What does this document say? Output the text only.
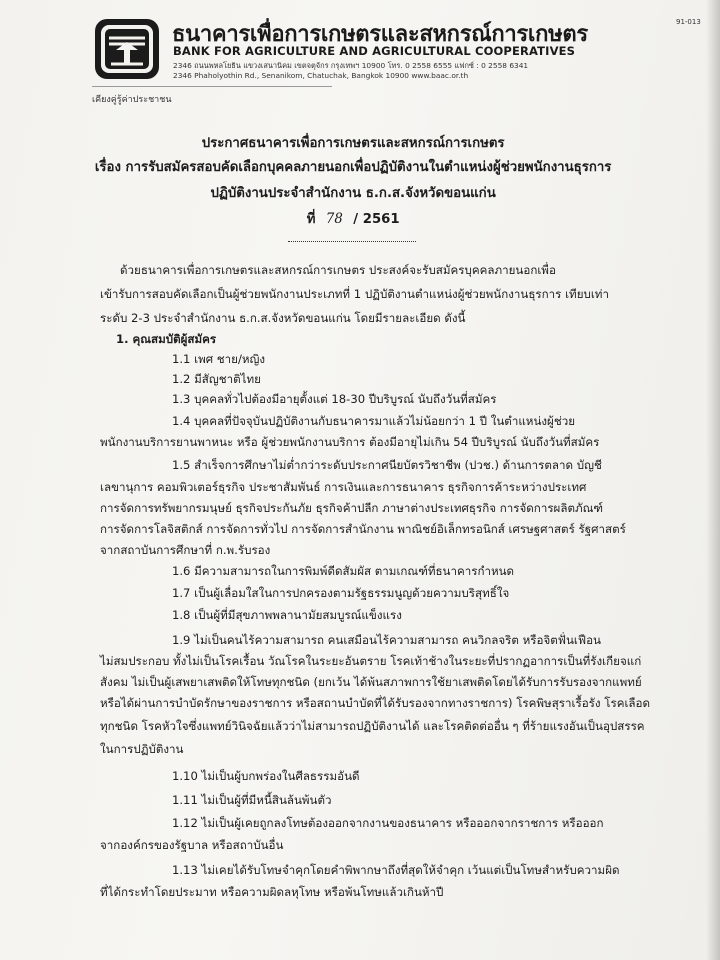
91-013
ธนาคารเพื่อการเกษตรและสหกรณ์การเกษตร
BANK FOR AGRICULTURE AND AGRICULTURAL COOPERATIVES
2346 ถนนพหลโยธิน แขวงเสนานิคม เขตจตุจักร กรุงเทพฯ 10900 โทร. 0 2558 6555 แฟกซ์ : 0 2558 6341
2346 Phaholyothin Rd., Senanikom, Chatuchak, Bangkok 10900 www.baac.or.th
เคียงคู่รู้ค่าประชาชน
ประกาศธนาคารเพื่อการเกษตรและสหกรณ์การเกษตร
เรื่อง การรับสมัครสอบคัดเลือกบุคคลภายนอกเพื่อปฏิบัติงานในตำแหน่งผู้ช่วยพนักงานธุรการ
ปฏิบัติงานประจำสำนักงาน ธ.ก.ส.จังหวัดขอนแก่น
ที่ 78 / 2561
ด้วยธนาคารเพื่อการเกษตรและสหกรณ์การเกษตร ประสงค์จะรับสมัครบุคคลภายนอกเพื่อ
เข้ารับการสอบคัดเลือกเป็นผู้ช่วยพนักงานประเภทที่ 1 ปฏิบัติงานตำแหน่งผู้ช่วยพนักงานธุรการ เทียบเท่า
ระดับ 2-3 ประจำสำนักงาน ธ.ก.ส.จังหวัดขอนแก่น โดยมีรายละเอียด ดังนี้
1. คุณสมบัติผู้สมัคร
1.1 เพศ ชาย/หญิง
1.2 มีสัญชาติไทย
1.3 บุคคลทั่วไปต้องมีอายุตั้งแต่ 18-30 ปีบริบูรณ์ นับถึงวันที่สมัคร
1.4 บุคคลที่ปัจจุบันปฏิบัติงานกับธนาคารมาแล้วไม่น้อยกว่า 1 ปี ในตำแหน่งผู้ช่วย
พนักงานบริการยานพาหนะ หรือ ผู้ช่วยพนักงานบริการ ต้องมีอายุไม่เกิน 54 ปีบริบูรณ์ นับถึงวันที่สมัคร
1.5 สำเร็จการศึกษาไม่ต่ำกว่าระดับประกาศนียบัตรวิชาชีพ (ปวช.) ด้านการตลาด บัญชี
เลขานุการ คอมพิวเตอร์ธุรกิจ ประชาสัมพันธ์ การเงินและการธนาคาร ธุรกิจการค้าระหว่างประเทศ
การจัดการทรัพยากรมนุษย์ ธุรกิจประกันภัย ธุรกิจค้าปลีก ภาษาต่างประเทศธุรกิจ การจัดการผลิตภัณฑ์
การจัดการโลจิสติกส์ การจัดการทั่วไป การจัดการสำนักงาน พาณิชย์อิเล็กทรอนิกส์ เศรษฐศาสตร์ รัฐศาสตร์
จากสถาบันการศึกษาที่ ก.พ.รับรอง
1.6 มีความสามารถในการพิมพ์ดีดสัมผัส ตามเกณฑ์ที่ธนาคารกำหนด
1.7 เป็นผู้เลื่อมใสในการปกครองตามรัฐธรรมนูญด้วยความบริสุทธิ์ใจ
1.8 เป็นผู้ที่มีสุขภาพพลานามัยสมบูรณ์แข็งแรง
1.9 ไม่เป็นคนไร้ความสามารถ คนเสมือนไร้ความสามารถ คนวิกลจริต หรือจิตฟั่นเฟือน
ไม่สมประกอบ ทั้งไม่เป็นโรคเรื้อน วัณโรคในระยะอันตราย โรคเท้าช้างในระยะที่ปรากฏอาการเป็นที่รังเกียจแก่
สังคม ไม่เป็นผู้เสพยาเสพติดให้โทษทุกชนิด (ยกเว้น ได้พ้นสภาพการใช้ยาเสพติดโดยได้รับการรับรองจากแพทย์
หรือได้ผ่านการบำบัดรักษาของราชการ หรือสถานบำบัดที่ได้รับรองจากทางราชการ) โรคพิษสุราเรื้อรัง โรคเลือด
ทุกชนิด โรคหัวใจซึ่งแพทย์วินิจฉัยแล้วว่าไม่สามารถปฏิบัติงานได้ และโรคติดต่ออื่น ๆ ที่ร้ายแรงอันเป็นอุปสรรค
ในการปฏิบัติงาน
1.10 ไม่เป็นผู้บกพร่องในศีลธรรมอันดี
1.11 ไม่เป็นผู้ที่มีหนี้สินล้นพ้นตัว
1.12 ไม่เป็นผู้เคยถูกลงโทษต้องออกจากงานของธนาคาร หรือออกจากราชการ หรือออก
จากองค์กรของรัฐบาล หรือสถาบันอื่น
1.13 ไม่เคยได้รับโทษจำคุกโดยคำพิพากษาถึงที่สุดให้จำคุก เว้นแต่เป็นโทษสำหรับความผิด
ที่ได้กระทำโดยประมาท หรือความผิดลหุโทษ หรือพ้นโทษแล้วเกินห้าปี
